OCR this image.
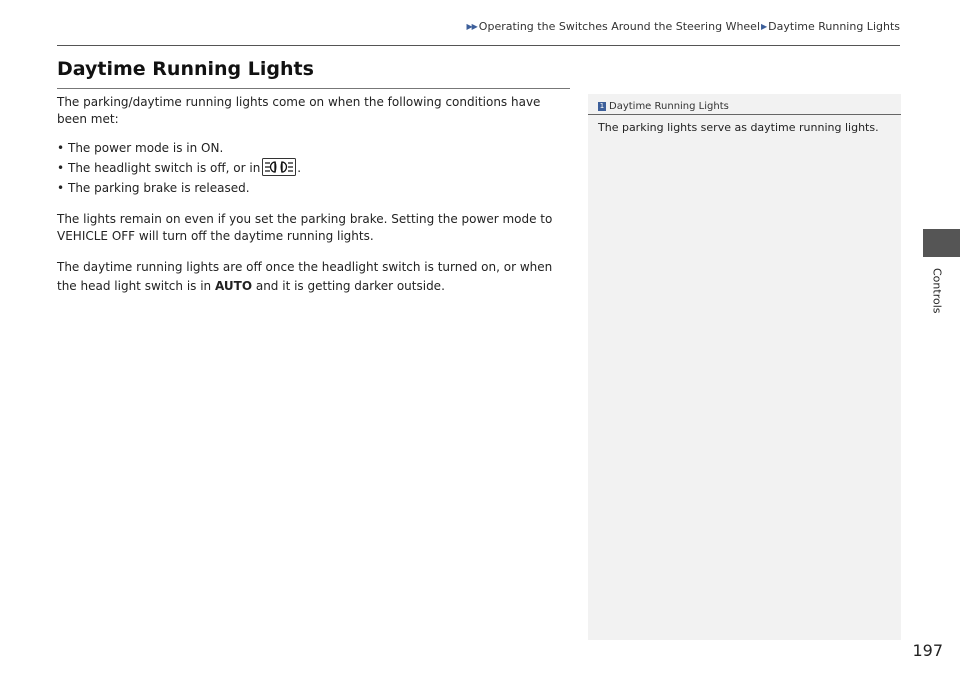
▶▶ Operating the Switches Around the Steering Wheel ▶ Daytime Running Lights
Daytime Running Lights

The parking/daytime running lights come on when the following conditions have been met:

• The power mode is in ON.
• The headlight switch is off, or in	.
• The parking brake is released.

The lights remain on even if you set the parking brake. Setting the power mode to VEHICLE OFF will turn off the daytime running lights.

The daytime running lights are off once the headlight switch is turned on, or when the head light switch is in AUTO and it is getting darker outside.

1 Daytime Running Lights
The parking lights serve as daytime running lights.
Controls
197
